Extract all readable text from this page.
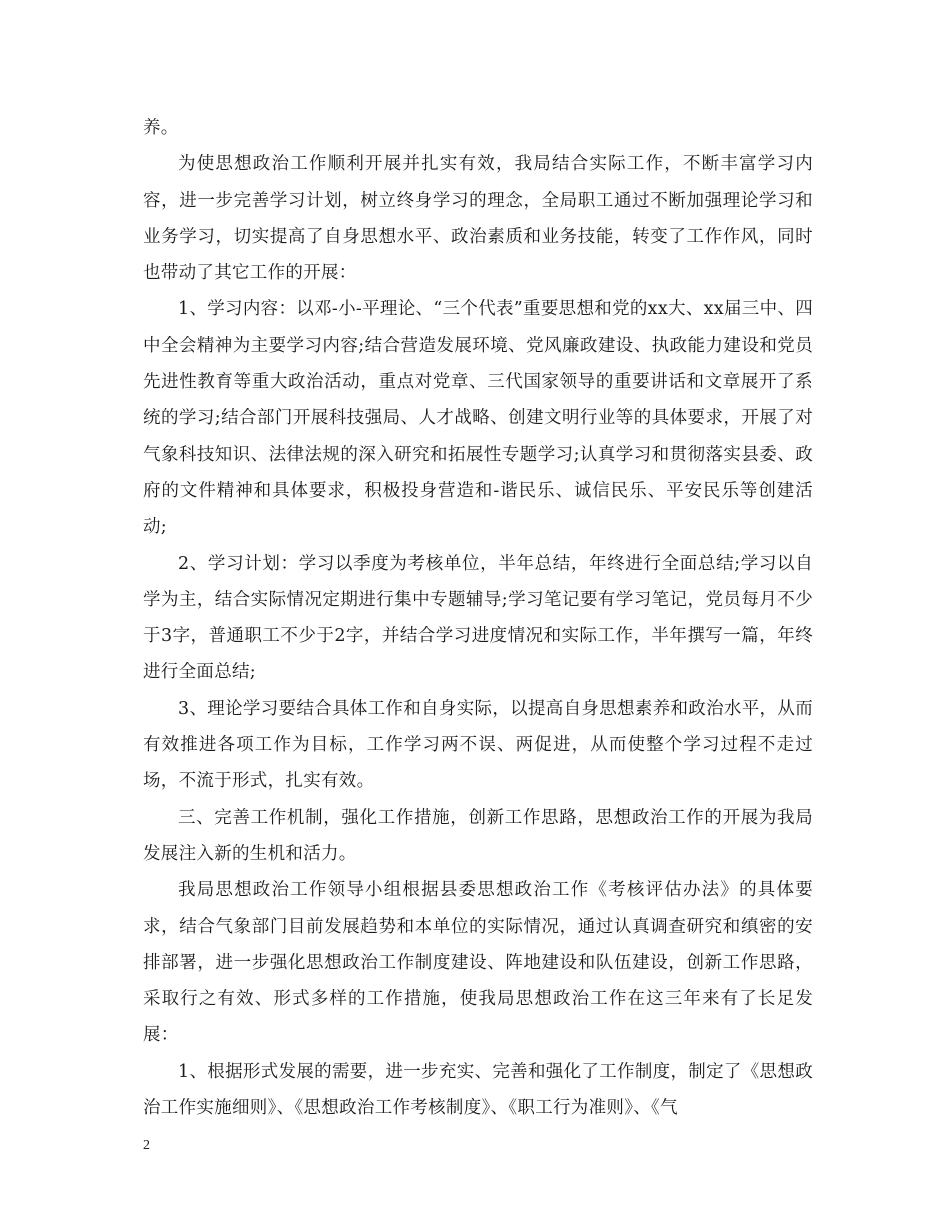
养。

为使思想政治工作顺利开展并扎实有效，我局结合实际工作，不断丰富学习内容，进一步完善学习计划，树立终身学习的理念，全局职工通过不断加强理论学习和业务学习，切实提高了自身思想水平、政治素质和业务技能，转变了工作作风，同时也带动了其它工作的开展：

1、学习内容：以邓-小-平理论、“三个代表”重要思想和党的xx大、xx届三中、四中全会精神为主要学习内容;结合营造发展环境、党风廉政建设、执政能力建设和党员先进性教育等重大政治活动，重点对党章、三代国家领导的重要讲话和文章展开了系统的学习;结合部门开展科技强局、人才战略、创建文明行业等的具体要求，开展了对气象科技知识、法律法规的深入研究和拓展性专题学习;认真学习和贯彻落实县委、政府的文件精神和具体要求，积极投身营造和-谐民乐、诚信民乐、平安民乐等创建活动;

2、学习计划：学习以季度为考核单位，半年总结，年终进行全面总结;学习以自学为主，结合实际情况定期进行集中专题辅导;学习笔记要有学习笔记，党员每月不少于3字，普通职工不少于2字，并结合学习进度情况和实际工作，半年撰写一篇，年终进行全面总结;

3、理论学习要结合具体工作和自身实际，以提高自身思想素养和政治水平，从而有效推进各项工作为目标，工作学习两不误、两促进，从而使整个学习过程不走过场，不流于形式，扎实有效。

三、完善工作机制，强化工作措施，创新工作思路，思想政治工作的开展为我局发展注入新的生机和活力。

我局思想政治工作领导小组根据县委思想政治工作《考核评估办法》的具体要求，结合气象部门目前发展趋势和本单位的实际情况，通过认真调查研究和缜密的安排部署，进一步强化思想政治工作制度建设、阵地建设和队伍建设，创新工作思路，采取行之有效、形式多样的工作措施，使我局思想政治工作在这三年来有了长足发展：

1、根据形式发展的需要，进一步充实、完善和强化了工作制度，制定了《思想政治工作实施细则》、《思想政治工作考核制度》、《职工行为准则》、《气

2
